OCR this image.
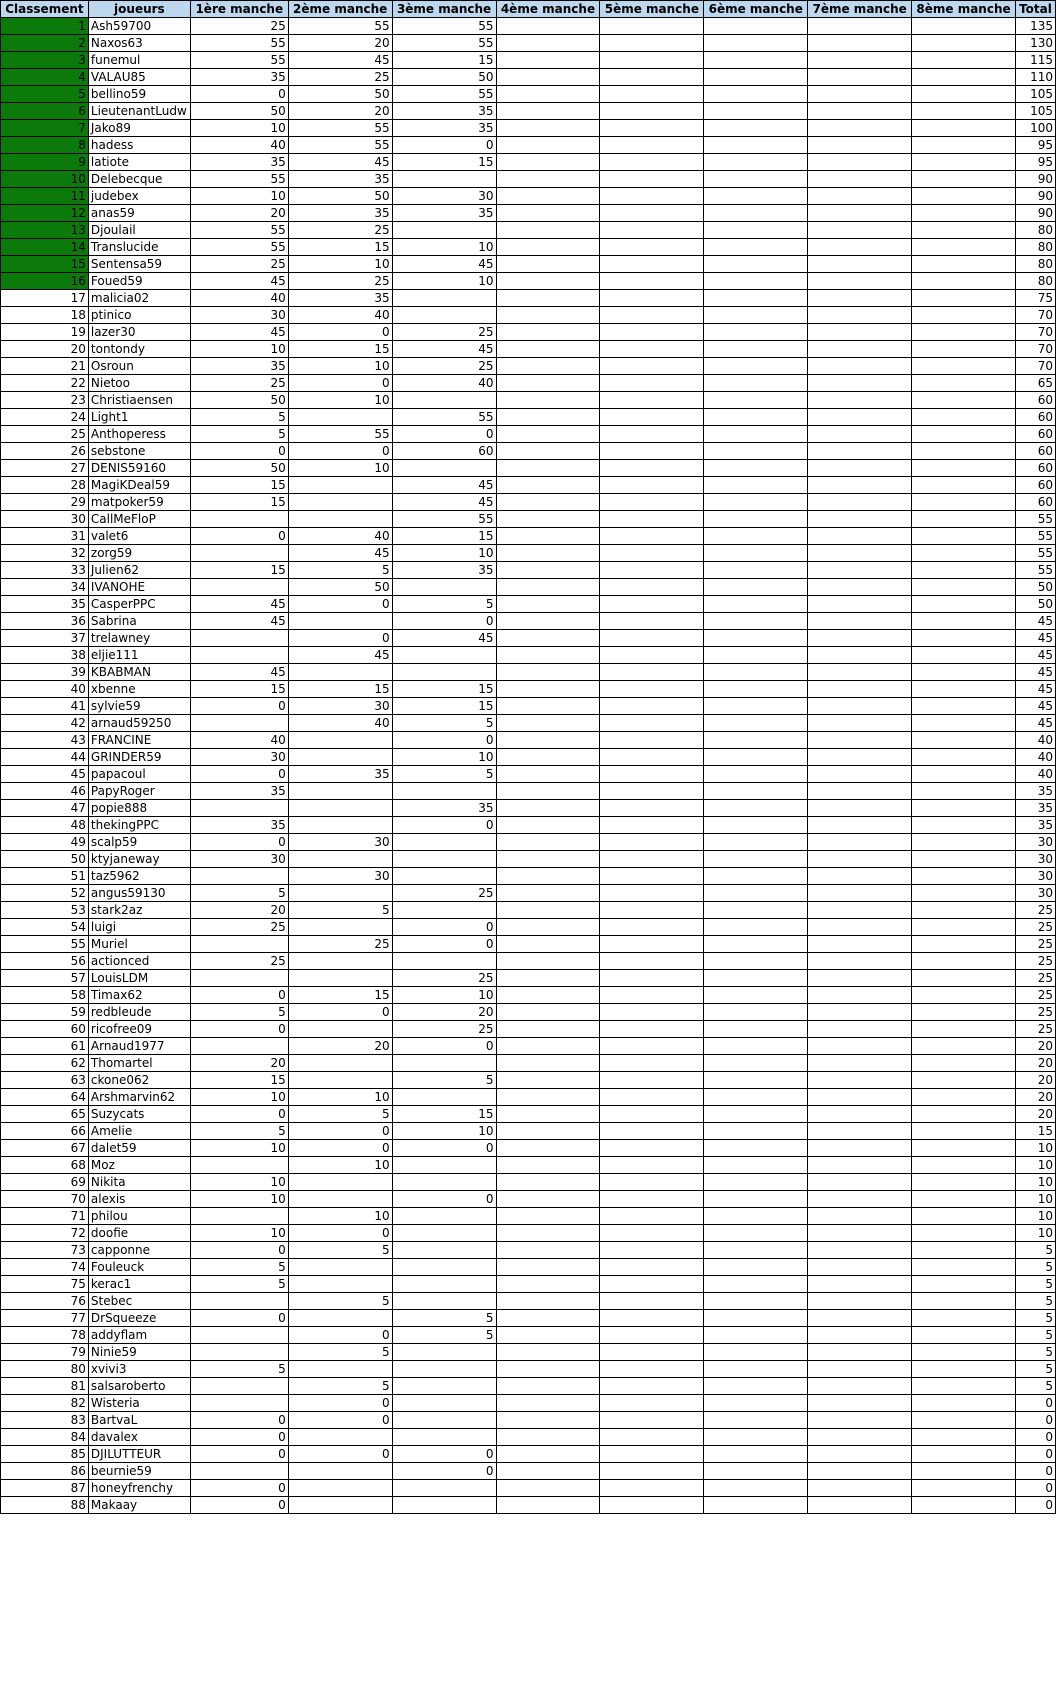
Classement	joueurs	1ère manche	2ème manche	3ème manche	4ème manche	5ème manche	6ème manche	7ème manche	8ème manche	Total
1	Ash59700	25	55	55						135
2	Naxos63	55	20	55						130
3	funemul	55	45	15						115
4	VALAU85	35	25	50						110
5	bellino59	0	50	55						105
6	LieutenantLudw	50	20	35						105
7	Jako89	10	55	35						100
8	hadess	40	55	0						95
9	latiote	35	45	15						95
10	Delebecque	55	35							90
11	judebex	10	50	30						90
12	anas59	20	35	35						90
13	Djoulail	55	25							80
14	Translucide	55	15	10						80
15	Sentensa59	25	10	45						80
16	Foued59	45	25	10						80
17	malicia02	40	35							75
18	ptinico	30	40							70
19	lazer30	45	0	25						70
20	tontondy	10	15	45						70
21	Osroun	35	10	25						70
22	Nietoo	25	0	40						65
23	Christiaensen	50	10							60
24	Light1	5		55						60
25	Anthoperess	5	55	0						60
26	sebstone	0	0	60						60
27	DENIS59160	50	10							60
28	MagiKDeal59	15		45						60
29	matpoker59	15		45						60
30	CallMeFloP			55						55
31	valet6	0	40	15						55
32	zorg59		45	10						55
33	Julien62	15	5	35						55
34	IVANOHE		50							50
35	CasperPPC	45	0	5						50
36	Sabrina	45		0						45
37	trelawney		0	45						45
38	eljie111		45							45
39	KBABMAN	45								45
40	xbenne	15	15	15						45
41	sylvie59	0	30	15						45
42	arnaud59250		40	5						45
43	FRANCINE	40		0						40
44	GRINDER59	30		10						40
45	papacoul	0	35	5						40
46	PapyRoger	35								35
47	popie888			35						35
48	thekingPPC	35		0						35
49	scalp59	0	30							30
50	ktyjaneway	30								30
51	taz5962		30							30
52	angus59130	5		25						30
53	stark2az	20	5							25
54	luigi	25		0						25
55	Muriel		25	0						25
56	actionced	25								25
57	LouisLDM			25						25
58	Timax62	0	15	10						25
59	redbleude	5	0	20						25
60	ricofree09	0		25						25
61	Arnaud1977		20	0						20
62	Thomartel	20								20
63	ckone062	15		5						20
64	Arshmarvin62	10	10							20
65	Suzycats	0	5	15						20
66	Amelie	5	0	10						15
67	dalet59	10	0	0						10
68	Moz		10							10
69	Nikita	10								10
70	alexis	10		0						10
71	philou		10							10
72	doofie	10	0							10
73	capponne	0	5							5
74	Fouleuck	5								5
75	kerac1	5								5
76	Stebec		5							5
77	DrSqueeze	0		5						5
78	addyflam		0	5						5
79	Ninie59		5							5
80	xvivi3	5								5
81	salsaroberto		5							5
82	Wisteria		0							0
83	BartvaL	0	0							0
84	davalex	0								0
85	DJILUTTEUR	0	0	0						0
86	beurnie59			0						0
87	honeyfrenchy	0								0
88	Makaay	0								0
